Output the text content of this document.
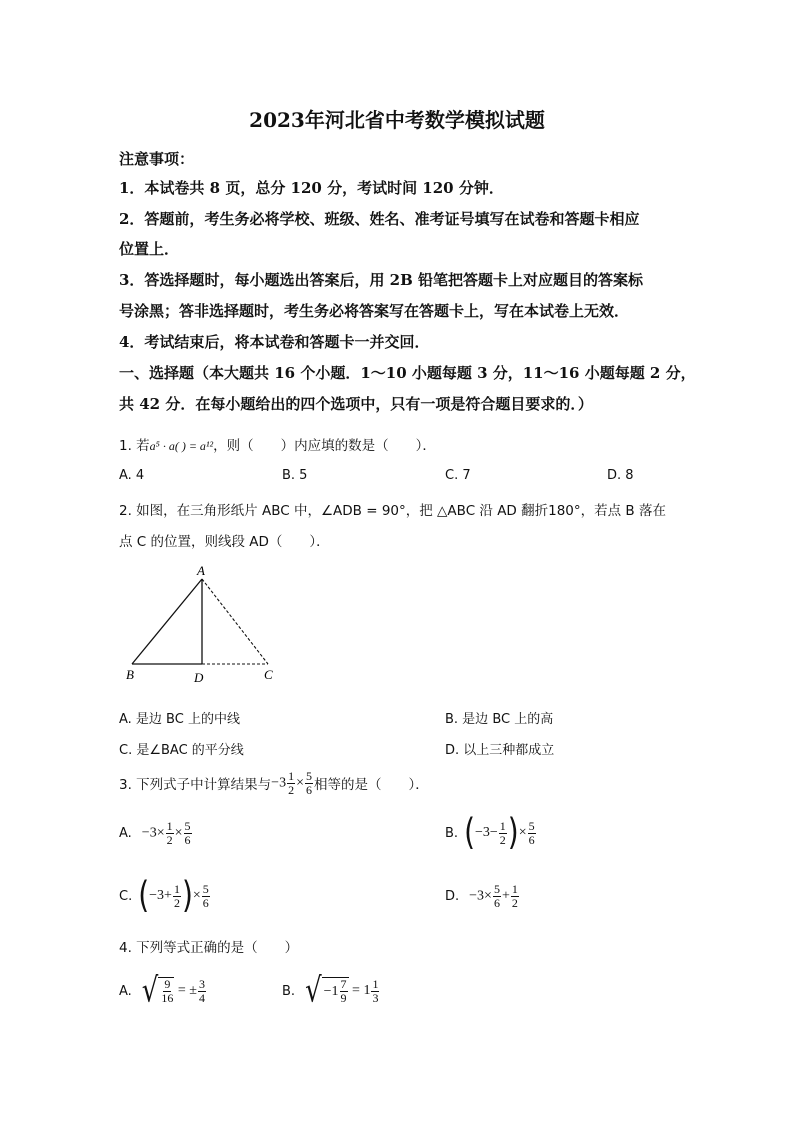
2023年河北省中考数学模拟试题
注意事项：
1．本试卷共 8 页，总分 120 分，考试时间 120 分钟．
2．答题前，考生务必将学校、班级、姓名、准考证号填写在试卷和答题卡相应
位置上．
3．答选择题时，每小题选出答案后，用 2B 铅笔把答题卡上对应题目的答案标
号涂黑；答非选择题时，考生务必将答案写在答题卡上，写在本试卷上无效．
4．考试结束后，将本试卷和答题卡一并交回．
一、选择题（本大题共 16 个小题．1～10 小题每题 3 分，11～16 小题每题 2 分，
共 42 分．在每小题给出的四个选项中，只有一项是符合题目要求的．）
1. 若a⁵ · a( ) = a¹²，则（　　）内应填的数是（　　）．
A. 4	B. 5	C. 7	D. 8
2. 如图，在三角形纸片 ABC 中，∠ADB = 90°，把 △ABC 沿 AD 翻折180°，若点 B 落在
点 C 的位置，则线段 AD（　　）．
A
B	D	C
A. 是边 BC 上的中线	B. 是边 BC 上的高
C. 是∠BAC 的平分线	D. 以上三种都成立
3. 下列式子中计算结果与 $-3 \frac{1}{2} \times \frac{5}{6}$ 相等的是（　　）．
A. $-3\times \frac{1}{2} \times \frac{5}{6}$	B. ( $-3- \frac{1}{2}$ ) × $\frac{5}{6}$
C. ( $-3+ \frac{1}{2}$ ) × $\frac{5}{6}$	D. $-3\times \frac{5}{6} + \frac{1}{2}$
4. 下列等式正确的是（　　）
A. √ $\frac{9}{16}$ = ± $\frac{3}{4}$	B. √ $-1 \frac{7}{9} = 1 \frac{1}{3}$
